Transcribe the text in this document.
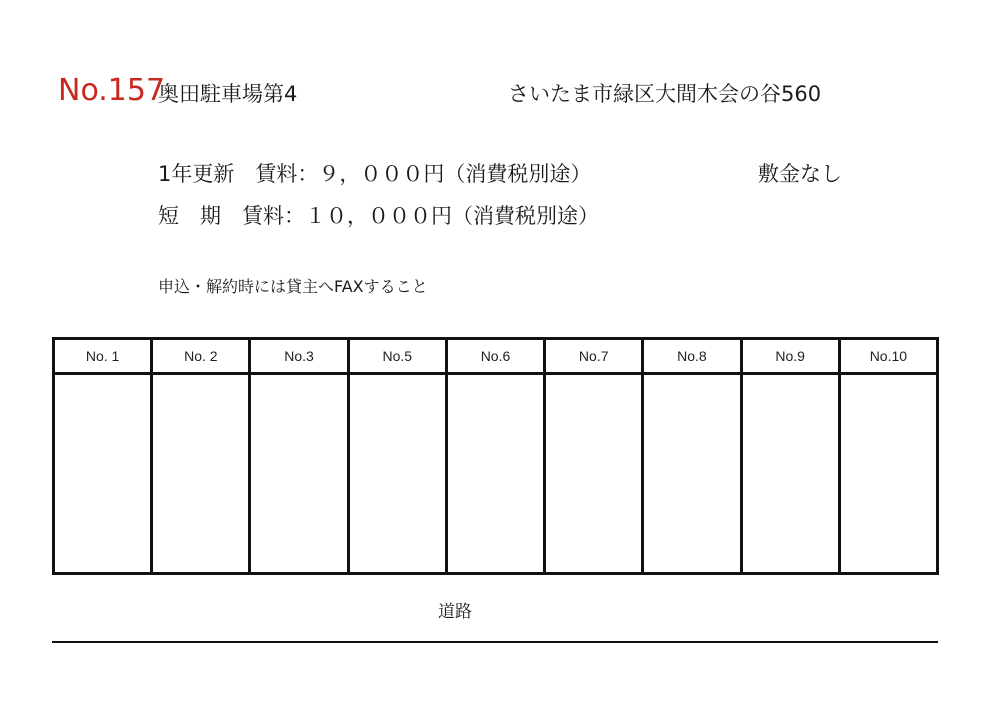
No.157
奥田駐車場第4	さいたま市緑区大間木会の谷560
1年更新　賃料：９，０００円（消費税別途）	敷金なし
短　期　賃料：１０，０００円（消費税別途）
申込・解約時には貸主へFAXすること
No. 1	No. 2	No.3	No.5	No.6	No.7	No.8	No.9	No.10

道路
